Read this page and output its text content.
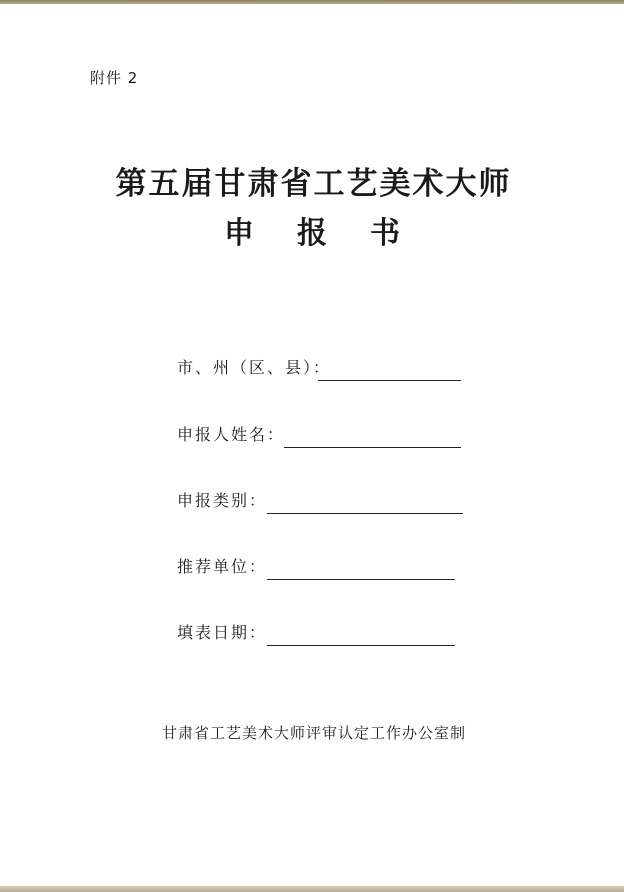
附件 2
第五届甘肃省工艺美术大师
申报书
市、州（区、县）：
申报人姓名：
申报类别：
推荐单位：
填表日期：
甘肃省工艺美术大师评审认定工作办公室制
